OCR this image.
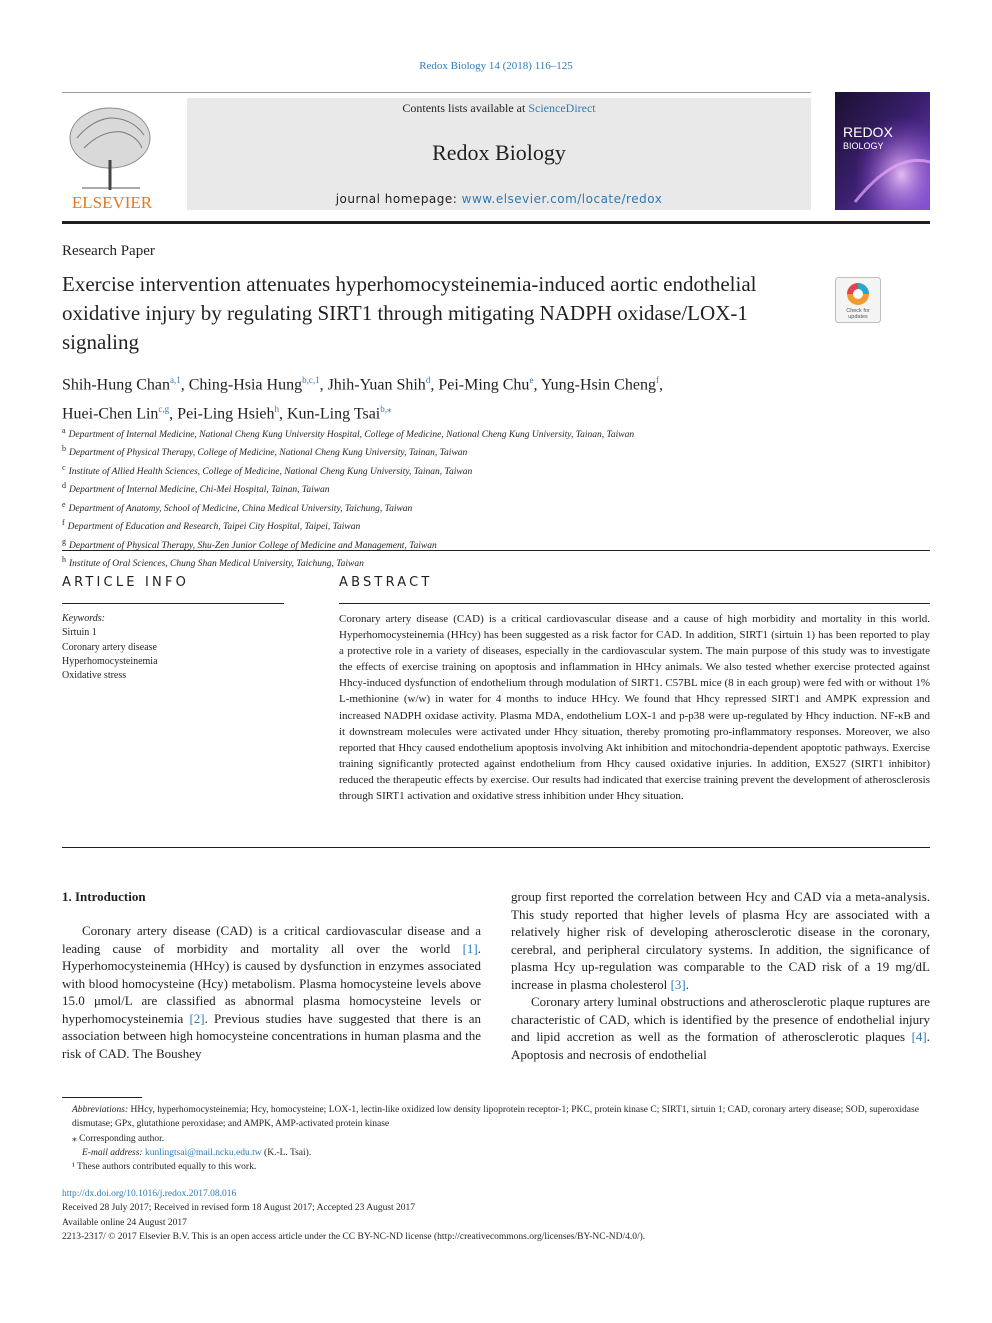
Redox Biology 14 (2018) 116–125
ELSEVIER
Contents lists available at ScienceDirect
Redox Biology
journal homepage: www.elsevier.com/locate/redox
REDOX
BIOLOGY
Research Paper
Exercise intervention attenuates hyperhomocysteinemia-induced aortic endothelial oxidative injury by regulating SIRT1 through mitigating NADPH oxidase/LOX-1 signaling
Check for
updates
Shih-Hung Chan$^{a,1}$, Ching-Hsia Hung$^{b,c,1}$, Jhih-Yuan Shih$^d$, Pei-Ming Chu$^e$, Yung-Hsin Cheng$^f$,
Huei-Chen Lin$^{c,g}$, Pei-Ling Hsieh$^h$, Kun-Ling Tsai$^{b,⁎}$
$^a$ Department of Internal Medicine, National Cheng Kung University Hospital, College of Medicine, National Cheng Kung University, Tainan, Taiwan
$^b$ Department of Physical Therapy, College of Medicine, National Cheng Kung University, Tainan, Taiwan
$^c$ Institute of Allied Health Sciences, College of Medicine, National Cheng Kung University, Tainan, Taiwan
$^d$ Department of Internal Medicine, Chi-Mei Hospital, Tainan, Taiwan
$^e$ Department of Anatomy, School of Medicine, China Medical University, Taichung, Taiwan
$^f$ Department of Education and Research, Taipei City Hospital, Taipei, Taiwan
$^g$ Department of Physical Therapy, Shu-Zen Junior College of Medicine and Management, Taiwan
$^h$ Institute of Oral Sciences, Chung Shan Medical University, Taichung, Taiwan
ARTICLE INFO
Keywords:
Sirtuin 1
Coronary artery disease
Hyperhomocysteinemia
Oxidative stress
ABSTRACT
Coronary artery disease (CAD) is a critical cardiovascular disease and a cause of high morbidity and mortality in this world. Hyperhomocysteinemia (HHcy) has been suggested as a risk factor for CAD. In addition, SIRT1 (sirtuin 1) has been reported to play a protective role in a variety of diseases, especially in the cardiovascular system. The main purpose of this study was to investigate the effects of exercise training on apoptosis and inflammation in HHcy animals. We also tested whether exercise protected against Hhcy-induced dysfunction of endothelium through modulation of SIRT1. C57BL mice (8 in each group) were fed with or without 1% L-methionine (w/w) in water for 4 months to induce HHcy. We found that Hhcy repressed SIRT1 and AMPK expression and increased NADPH oxidase activity. Plasma MDA, endothelium LOX-1 and p-p38 were up-regulated by Hhcy induction. NF-κB and it downstream molecules were activated under Hhcy situation, thereby promoting pro-inflammatory responses. Moreover, we also reported that Hhcy caused endothelium apoptosis involving Akt inhibition and mitochondria-dependent apoptotic pathways. Exercise training significantly protected against endothelium from Hhcy caused oxidative injuries. In addition, EX527 (SIRT1 inhibitor) reduced the therapeutic effects by exercise. Our results had indicated that exercise training prevent the development of atherosclerosis through SIRT1 activation and oxidative stress inhibition under Hhcy situation.
1. Introduction

Coronary artery disease (CAD) is a critical cardiovascular disease and a leading cause of morbidity and mortality all over the world [1]. Hyperhomocysteinemia (HHcy) is caused by dysfunction in enzymes associated with blood homocysteine (Hcy) metabolism. Plasma homocysteine levels above 15.0 μmol/L are classified as abnormal plasma homocysteine levels or hyperhomocysteinemia [2]. Previous studies have suggested that there is an association between high homocysteine concentrations in human plasma and the risk of CAD. The Boushey

group first reported the correlation between Hcy and CAD via a meta-analysis. This study reported that higher levels of plasma Hcy are associated with a relatively higher risk of developing atherosclerotic disease in the coronary, cerebral, and peripheral circulatory systems. In addition, the significance of plasma Hcy up-regulation was comparable to the CAD risk of a 19 mg/dL increase in plasma cholesterol [3].

Coronary artery luminal obstructions and atherosclerotic plaque ruptures are characteristic of CAD, which is identified by the presence of endothelial injury and lipid accretion as well as the formation of atherosclerotic plaques [4]. Apoptosis and necrosis of endothelial

Abbreviations: HHcy, hyperhomocysteinemia; Hcy, homocysteine; LOX-1, lectin-like oxidized low density lipoprotein receptor-1; PKC, protein kinase C; SIRT1, sirtuin 1; CAD, coronary artery disease; SOD, superoxidase dismutase; GPx, glutathione peroxidase; and AMPK, AMP-activated protein kinase
⁎ Corresponding author.
E-mail address: kunlingtsai@mail.ncku.edu.tw (K.-L. Tsai).
¹ These authors contributed equally to this work.
http://dx.doi.org/10.1016/j.redox.2017.08.016
Received 28 July 2017; Received in revised form 18 August 2017; Accepted 23 August 2017
Available online 24 August 2017
2213-2317/ © 2017 Elsevier B.V. This is an open access article under the CC BY-NC-ND license (http://creativecommons.org/licenses/BY-NC-ND/4.0/).
